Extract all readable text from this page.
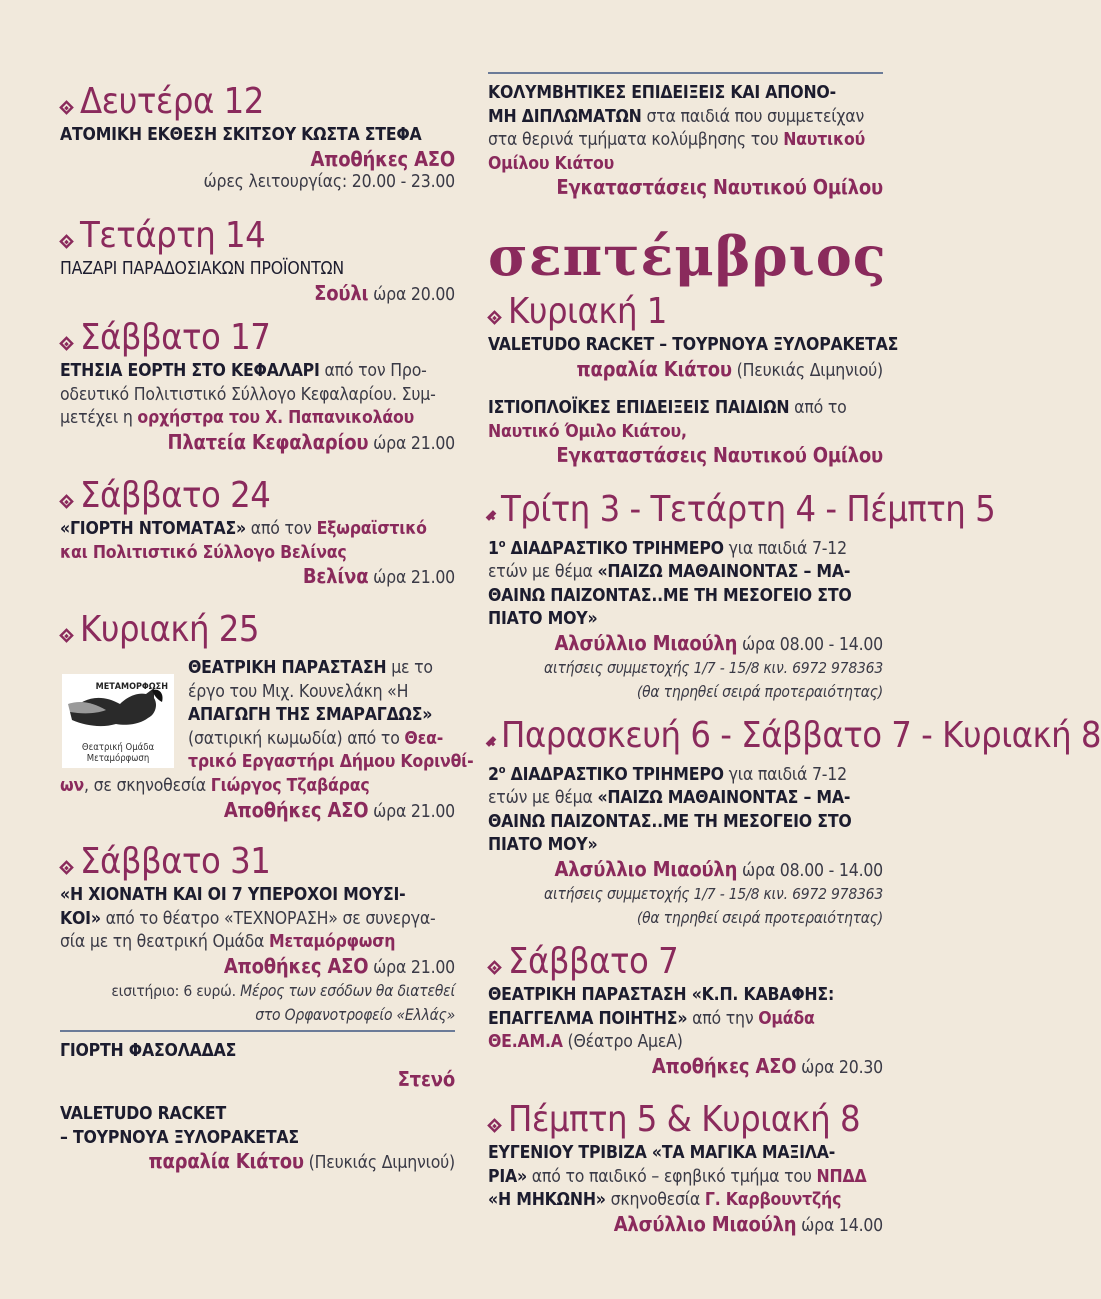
Δευτέρα 12
ΑΤΟΜΙΚΗ ΕΚΘΕΣΗ ΣΚΙΤΣΟΥ ΚΩΣΤΑ ΣΤΕΦΑ
Αποθήκες ΑΣΟ
ώρες λειτουργίας: 20.00 - 23.00
Τετάρτη 14
ΠΑΖΑΡΙ ΠΑΡΑΔΟΣΙΑΚΩΝ ΠΡΟΪΟΝΤΩΝ
Σούλι ώρα 20.00
Σάββατο 17
ΕΤΗΣΙΑ ΕΟΡΤΗ ΣΤΟ ΚΕΦΑΛΑΡΙ από τον Προ-
οδευτικό Πολιτιστικό Σύλλογο Κεφαλαρίου. Συμ-
μετέχει η ορχήστρα του Χ. Παπανικολάου
Πλατεία Κεφαλαρίου ώρα 21.00
Σάββατο 24
«ΓΙΟΡΤΗ ΝΤΟΜΑΤΑΣ» από τον Εξωραϊστικό
και Πολιτιστικό Σύλλογο Βελίνας
Βελίνα ώρα 21.00
Κυριακή 25
ΘΕΑΤΡΙΚΗ ΠΑΡΑΣΤΑΣΗ με το
έργο του Μιχ. Κουνελάκη «Η
ΑΠΑΓΩΓΗ ΤΗΣ ΣΜΑΡΑΓΔΩΣ»
(σατιρική κωμωδία) από το Θεα-
τρικό Εργαστήρι Δήμου Κορινθί-
ων, σε σκηνοθεσία Γιώργος Τζαβάρας
Αποθήκες ΑΣΟ ώρα 21.00
Σάββατο 31
«Η ΧΙΟΝΑΤΗ ΚΑΙ ΟΙ 7 ΥΠΕΡΟΧΟΙ ΜΟΥΣΙ-
ΚΟΙ» από το θέατρο «ΤΕΧΝΟΡΑΣΗ» σε συνεργα-
σία με τη θεατρική Ομάδα Μεταμόρφωση
Αποθήκες ΑΣΟ ώρα 21.00
εισιτήριο: 6 ευρώ. Μέρος των εσόδων θα διατεθεί
στο Ορφανοτροφείο «Ελλάς»
ΓΙΟΡΤΗ ΦΑΣΟΛΑΔΑΣ
Στενό
VALETUDO RACKET
– ΤΟΥΡΝΟΥΑ ΞΥΛΟΡΑΚΕΤΑΣ
παραλία Κιάτου (Πευκιάς Διμηνιού)
ΜΕΤΑΜΟΡΦΩΣΗ
Θεατρική Ομάδα
Μεταμόρφωση
ΚΟΛΥΜΒΗΤΙΚΕΣ ΕΠΙΔΕΙΞΕΙΣ ΚΑΙ ΑΠΟΝΟ-
ΜΗ ΔΙΠΛΩΜΑΤΩΝ στα παιδιά που συμμετείχαν
στα θερινά τμήματα κολύμβησης του Ναυτικού
Ομίλου Κιάτου
Εγκαταστάσεις Ναυτικού Ομίλου
σεπτέμβριος
Κυριακή 1
VALETUDO RACKET – ΤΟΥΡΝΟΥΑ ΞΥΛΟΡΑΚΕΤΑΣ
παραλία Κιάτου (Πευκιάς Διμηνιού)
ΙΣΤΙΟΠΛΟΪΚΕΣ ΕΠΙΔΕΙΞΕΙΣ ΠΑΙΔΙΩΝ από το
Ναυτικό Όμιλο Κιάτου,
Εγκαταστάσεις Ναυτικού Ομίλου
Τρίτη 3 - Τετάρτη 4 - Πέμπτη 5
$1^o$ ΔΙΑΔΡΑΣΤΙΚΟ ΤΡΙΗΜΕΡΟ για παιδιά 7-12
ετών με θέμα «ΠΑΙΖΩ ΜΑΘΑΙΝΟΝΤΑΣ – ΜΑ-
ΘΑΙΝΩ ΠΑΙΖΟΝΤΑΣ..ΜΕ ΤΗ ΜΕΣΟΓΕΙΟ ΣΤΟ
ΠΙΑΤΟ ΜΟΥ»
Αλσύλλιο Μιαούλη ώρα 08.00 - 14.00
αιτήσεις συμμετοχής 1/7 - 15/8 κιν. 6972 978363
(θα τηρηθεί σειρά προτεραιότητας)
Παρασκευή 6 - Σάββατο 7 - Κυριακή 8
$2^o$ ΔΙΑΔΡΑΣΤΙΚΟ ΤΡΙΗΜΕΡΟ για παιδιά 7-12
ετών με θέμα «ΠΑΙΖΩ ΜΑΘΑΙΝΟΝΤΑΣ – ΜΑ-
ΘΑΙΝΩ ΠΑΙΖΟΝΤΑΣ..ΜΕ ΤΗ ΜΕΣΟΓΕΙΟ ΣΤΟ
ΠΙΑΤΟ ΜΟΥ»
Αλσύλλιο Μιαούλη ώρα 08.00 - 14.00
αιτήσεις συμμετοχής 1/7 - 15/8 κιν. 6972 978363
(θα τηρηθεί σειρά προτεραιότητας)
Σάββατο 7
ΘΕΑΤΡΙΚΗ ΠΑΡΑΣΤΑΣΗ «Κ.Π. ΚΑΒΑΦΗΣ:
ΕΠΑΓΓΕΛΜΑ ΠΟΙΗΤΗΣ» από την Ομάδα
ΘΕ.ΑΜ.Α (Θέατρο ΑμεΑ)
Αποθήκες ΑΣΟ ώρα 20.30
Πέμπτη 5 & Κυριακή 8
ΕΥΓΕΝΙΟΥ ΤΡΙΒΙΖΑ «ΤΑ ΜΑΓΙΚΑ ΜΑΞΙΛΑ-
ΡΙΑ» από το παιδικό – εφηβικό τμήμα του ΝΠΔΔ
«Η ΜΗΚΩΝΗ» σκηνοθεσία Γ. Καρβουντζής
Αλσύλλιο Μιαούλη ώρα 14.00
